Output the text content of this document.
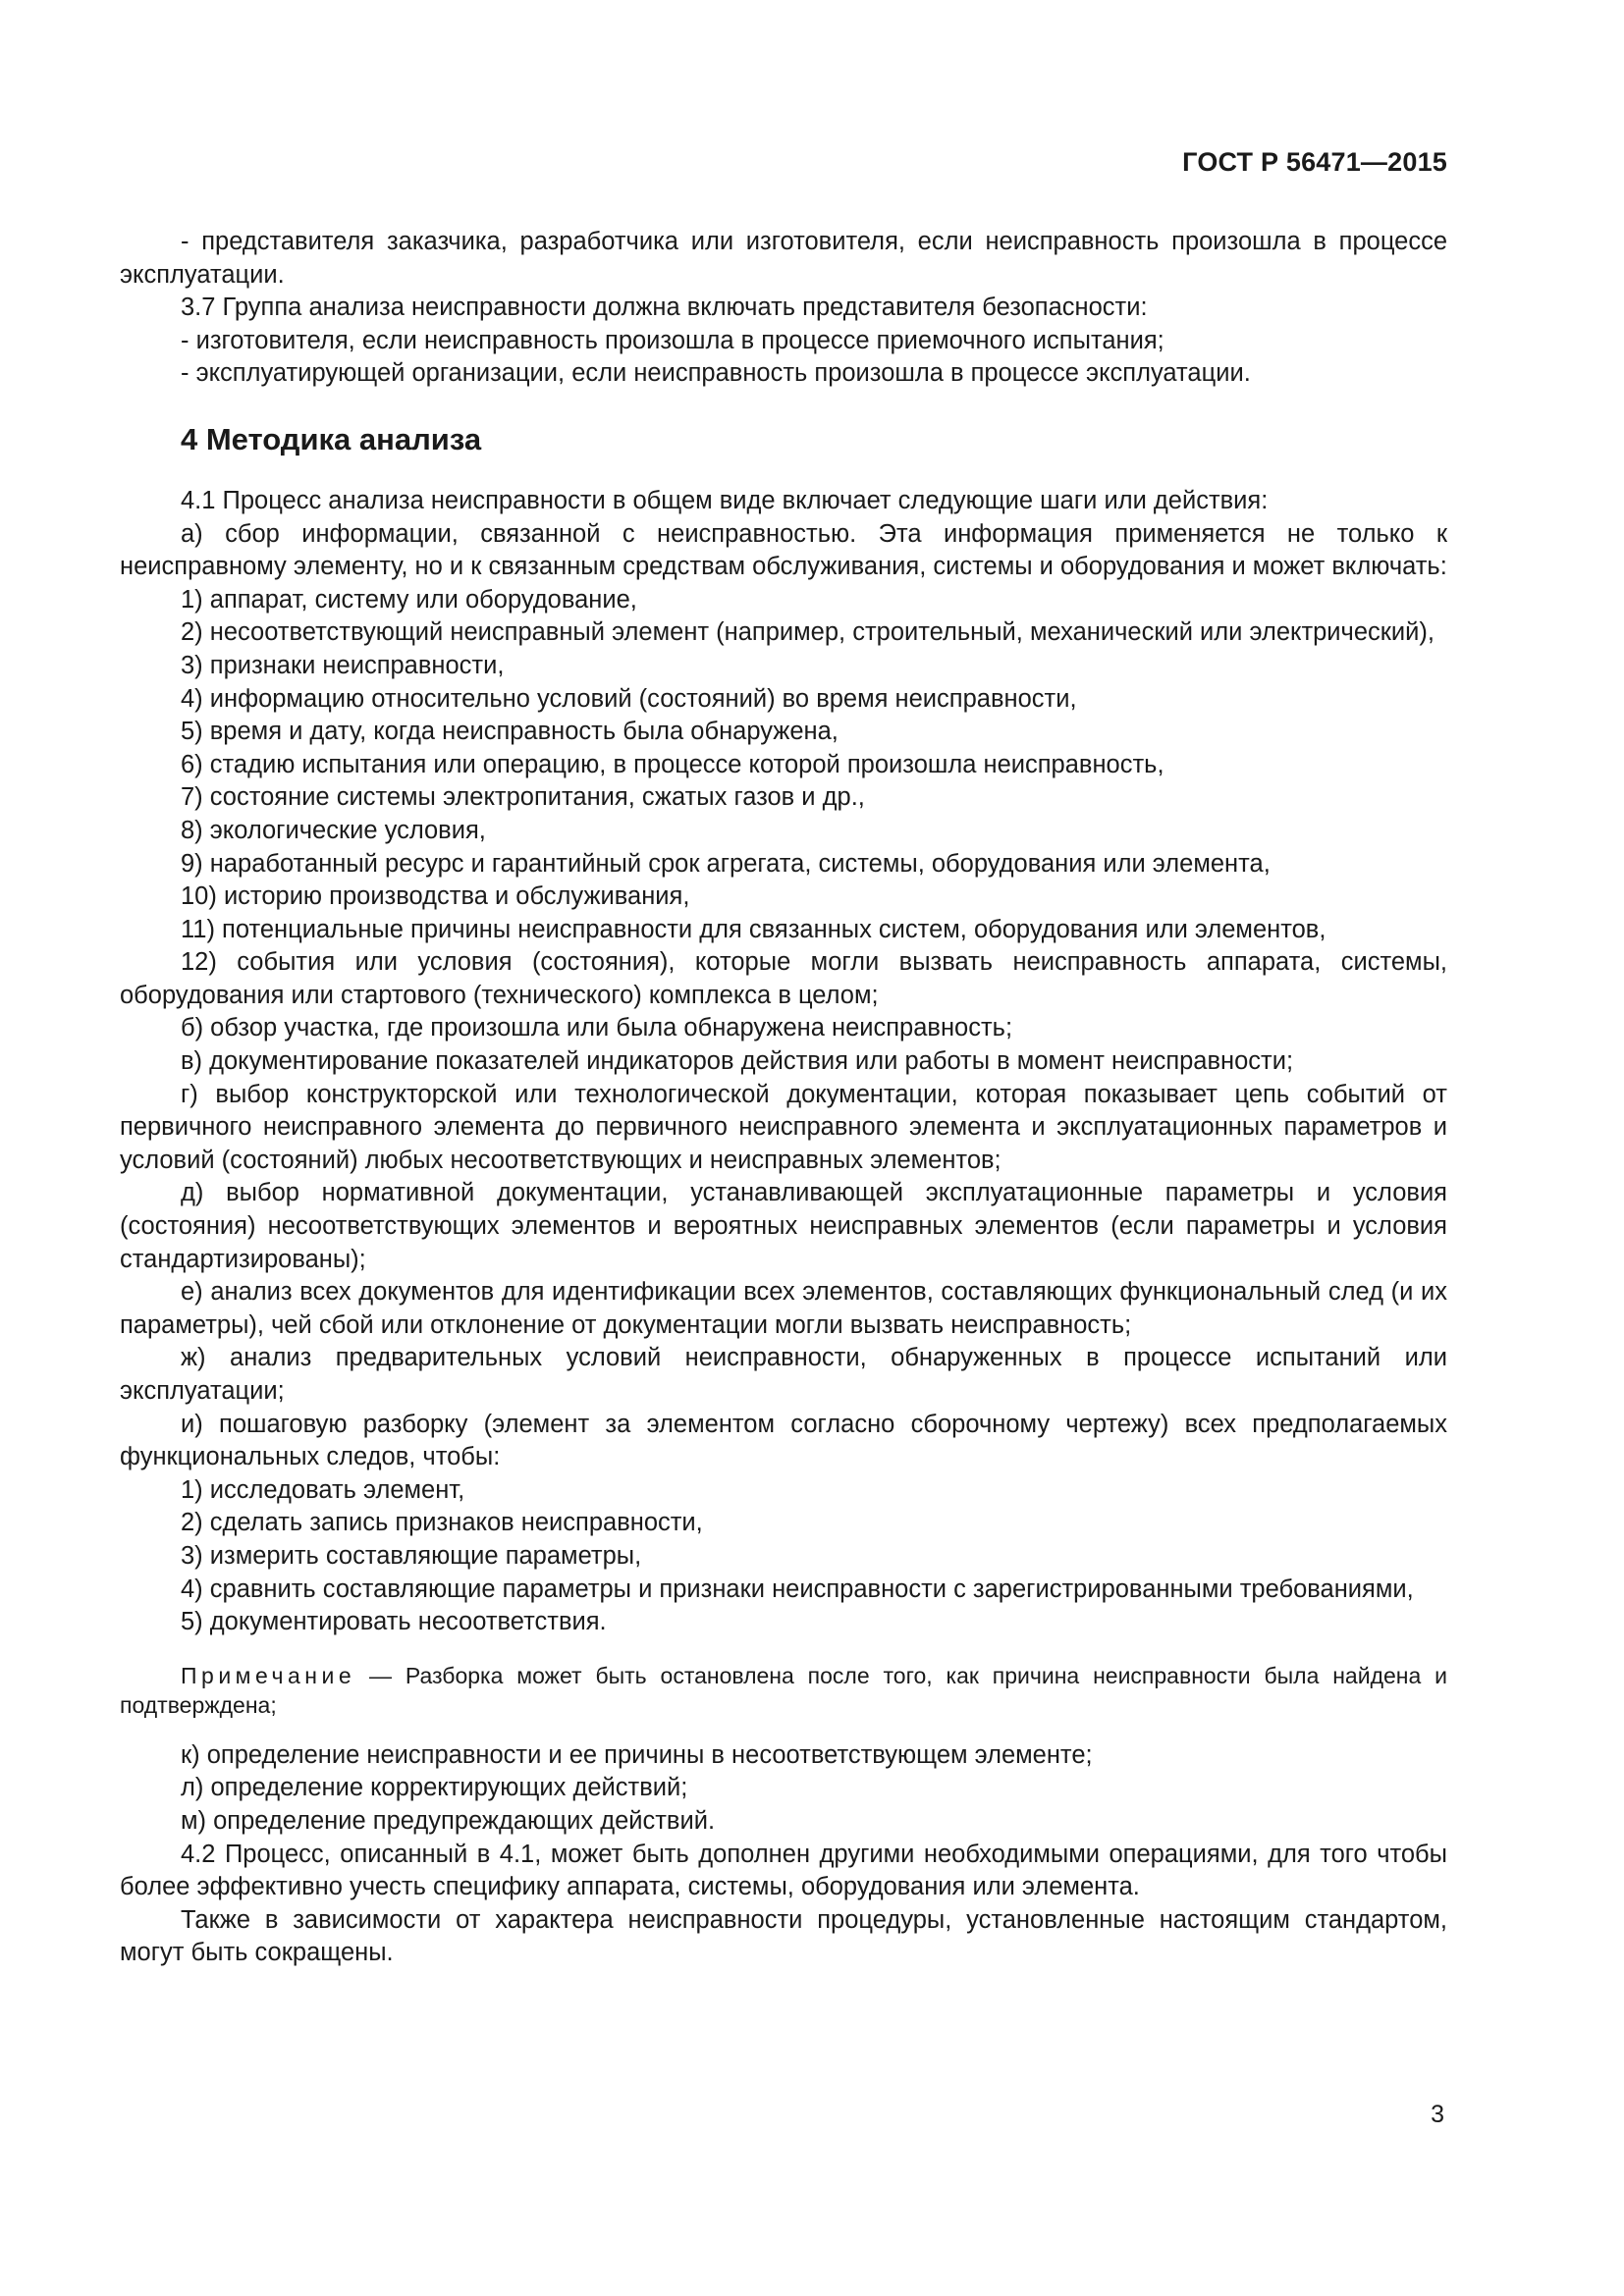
ГОСТ Р 56471—2015

- представителя заказчика, разработчика или изготовителя, если неисправность произошла в процессе эксплуатации.

3.7 Группа анализа неисправности должна включать представителя безопасности:

- изготовителя, если неисправность произошла в процессе приемочного испытания;

- эксплуатирующей организации, если неисправность произошла в процессе эксплуатации.

4 Методика анализа

4.1 Процесс анализа неисправности в общем виде включает следующие шаги или действия:

а) сбор информации, связанной с неисправностью. Эта информация применяется не только к неисправному элементу, но и к связанным средствам обслуживания, системы и оборудования и может включать:

1) аппарат, систему или оборудование,

2) несоответствующий неисправный элемент (например, строительный, механический или электрический),

3) признаки неисправности,

4) информацию относительно условий (состояний) во время неисправности,

5) время и дату, когда неисправность была обнаружена,

6) стадию испытания или операцию, в процессе которой произошла неисправность,

7) состояние системы электропитания, сжатых газов и др.,

8) экологические условия,

9) наработанный ресурс и гарантийный срок агрегата, системы, оборудования или элемента,

10) историю производства и обслуживания,

11) потенциальные причины неисправности для связанных систем, оборудования или элементов,

12) события или условия (состояния), которые могли вызвать неисправность аппарата, системы, оборудования или стартового (технического) комплекса в целом;

б) обзор участка, где произошла или была обнаружена неисправность;

в) документирование показателей индикаторов действия или работы в момент неисправности;

г) выбор конструкторской или технологической документации, которая показывает цепь событий от первичного неисправного элемента до первичного неисправного элемента и эксплуатационных параметров и условий (состояний) любых несоответствующих и неисправных элементов;

д) выбор нормативной документации, устанавливающей эксплуатационные параметры и условия (состояния) несоответствующих элементов и вероятных неисправных элементов (если параметры и условия стандартизированы);

е) анализ всех документов для идентификации всех элементов, составляющих функциональный след (и их параметры), чей сбой или отклонение от документации могли вызвать неисправность;

ж) анализ предварительных условий неисправности, обнаруженных в процессе испытаний или эксплуатации;

и) пошаговую разборку (элемент за элементом согласно сборочному чертежу) всех предполагаемых функциональных следов, чтобы:

1) исследовать элемент,

2) сделать запись признаков неисправности,

3) измерить составляющие параметры,

4) сравнить составляющие параметры и признаки неисправности с зарегистрированными требованиями,

5) документировать несоответствия.

Примечание — Разборка может быть остановлена после того, как причина неисправности была найдена и подтверждена;

к) определение неисправности и ее причины в несоответствующем элементе;

л) определение корректирующих действий;

м) определение предупреждающих действий.

4.2 Процесс, описанный в 4.1, может быть дополнен другими необходимыми операциями, для того чтобы более эффективно учесть специфику аппарата, системы, оборудования или элемента.

Также в зависимости от характера неисправности процедуры, установленные настоящим стандартом, могут быть сокращены.

3
